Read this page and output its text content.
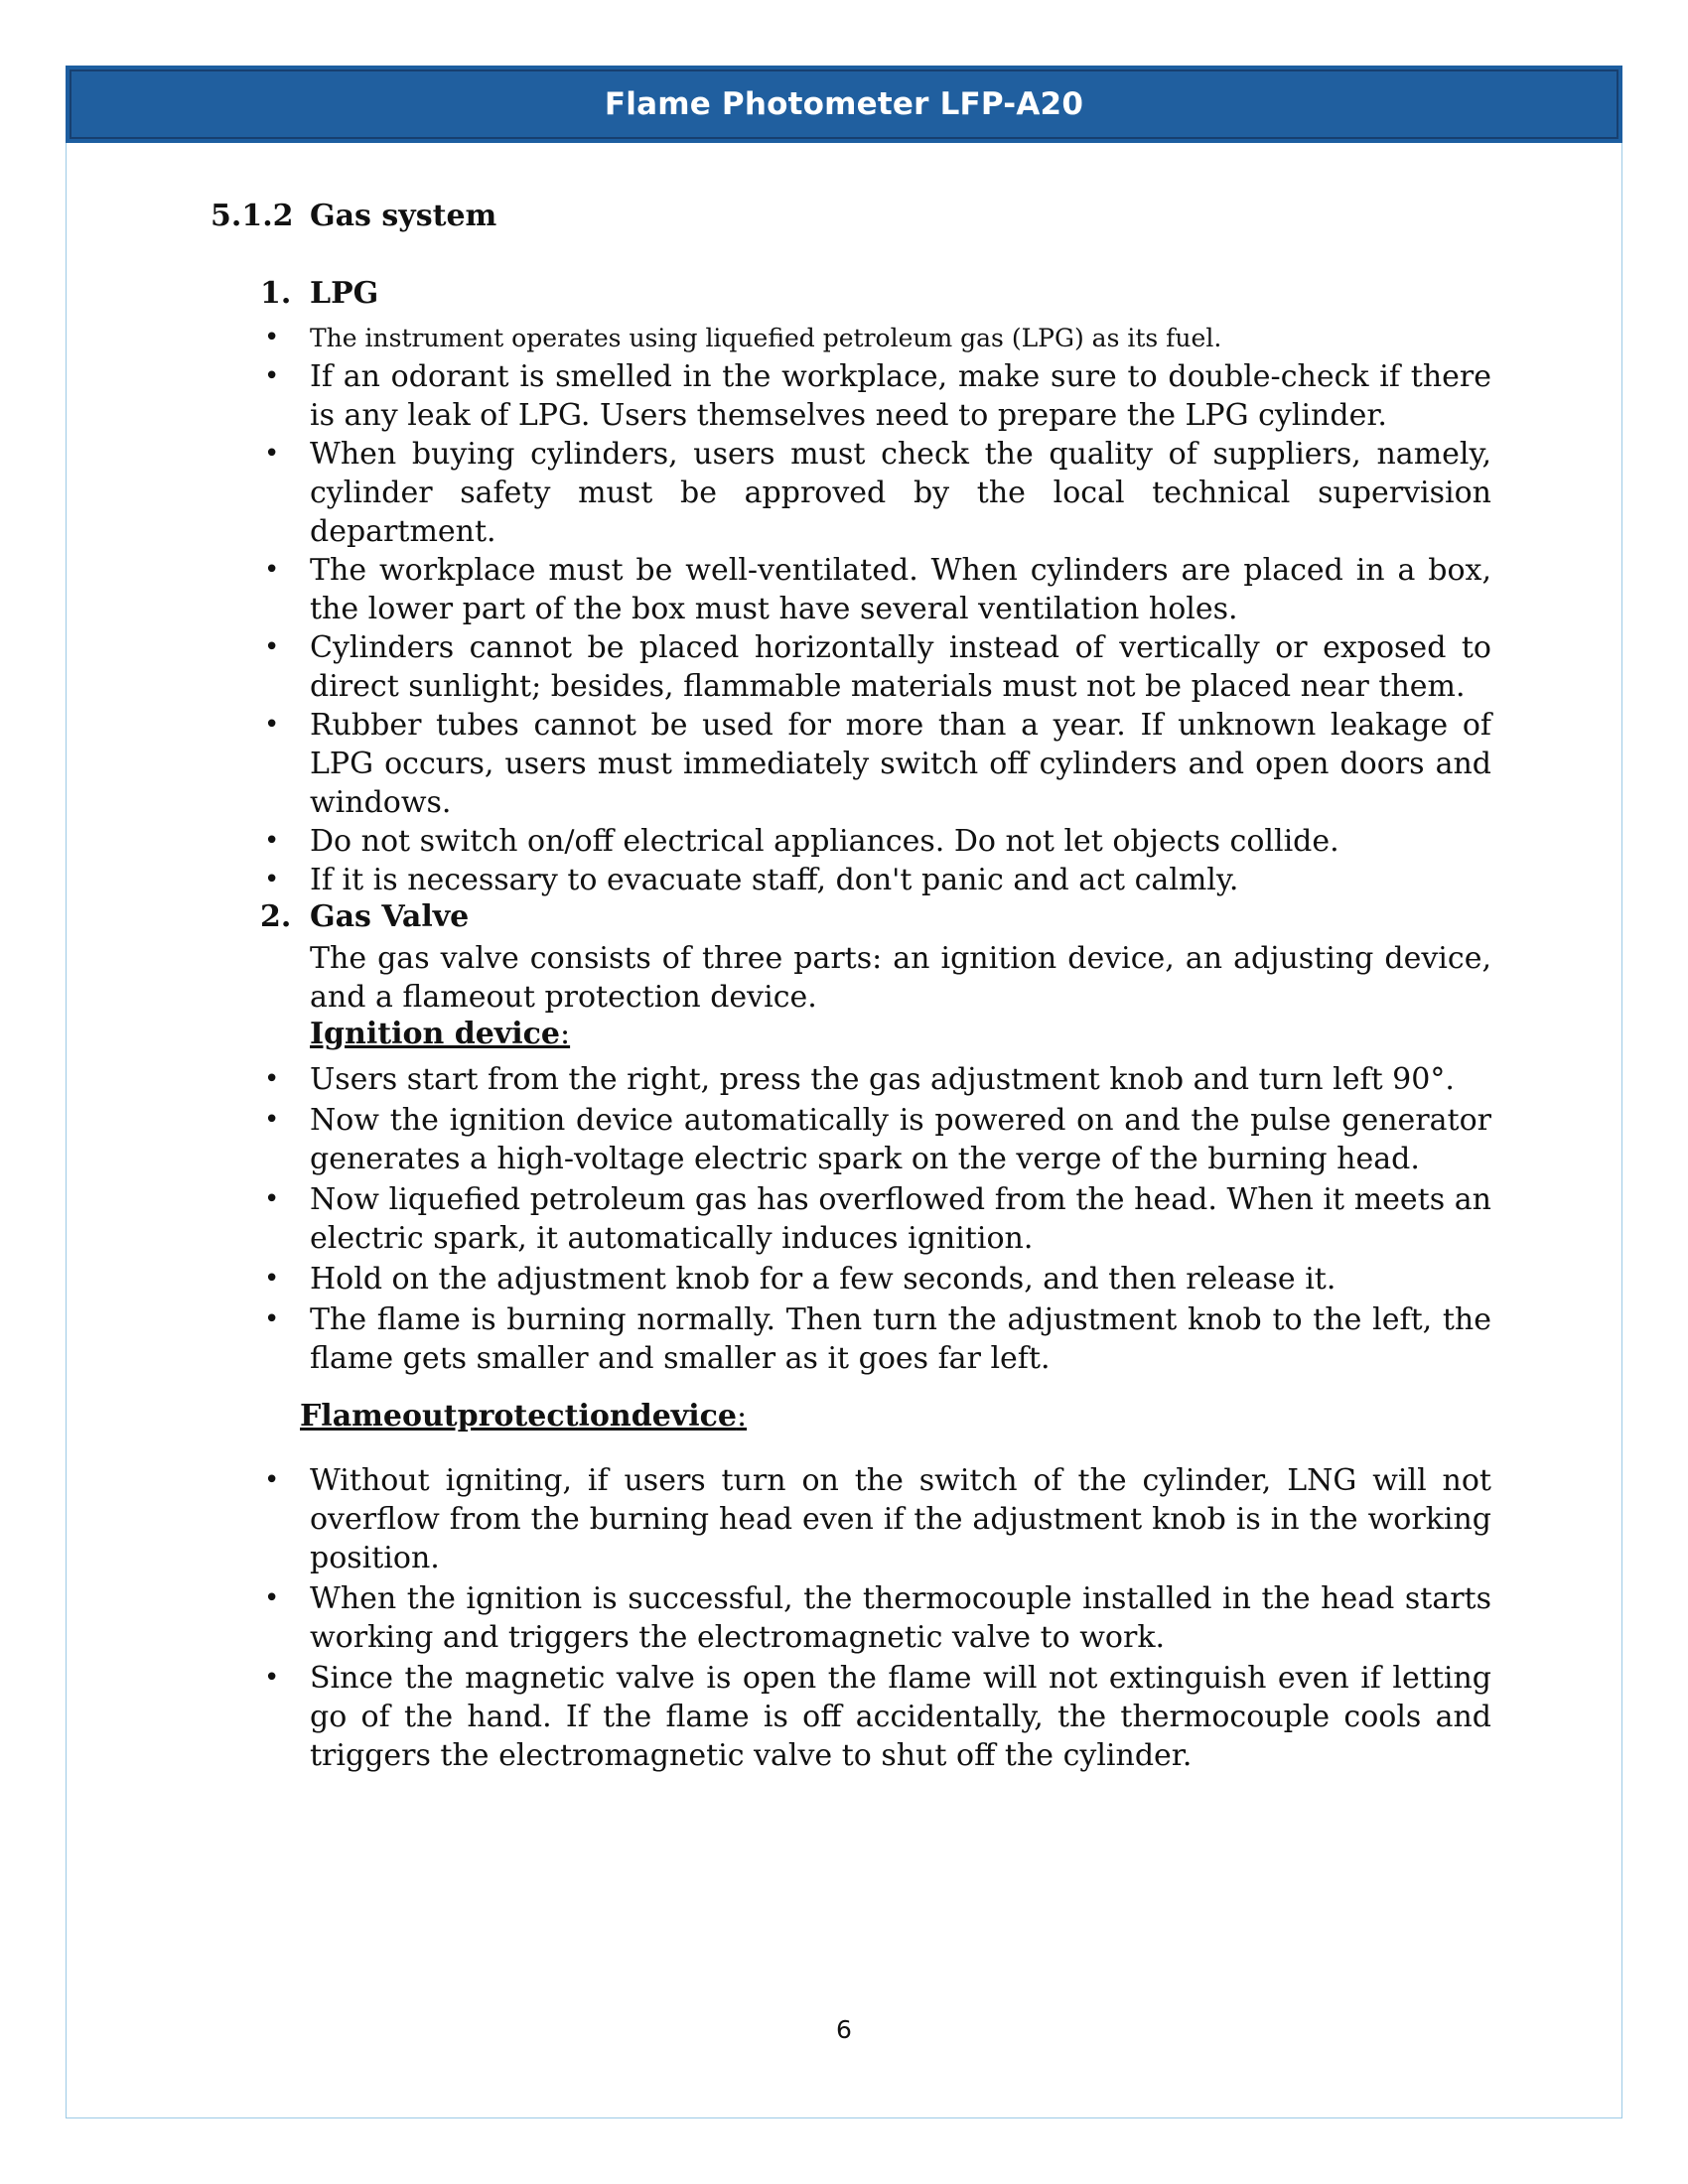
Flame Photometer LFP-A20
5.1.2 Gas system
1. LPG
• The instrument operates using liquefied petroleum gas (LPG) as its fuel.
• If an odorant is smelled in the workplace, make sure to double-check if there is any leak of LPG. Users themselves need to prepare the LPG cylinder.
• When buying cylinders, users must check the quality of suppliers, namely, cylinder safety must be approved by the local technical supervision department.
• The workplace must be well-ventilated. When cylinders are placed in a box, the lower part of the box must have several ventilation holes.
• Cylinders cannot be placed horizontally instead of vertically or exposed to direct sunlight; besides, flammable materials must not be placed near them.
• Rubber tubes cannot be used for more than a year. If unknown leakage of LPG occurs, users must immediately switch off cylinders and open doors and windows.
• Do not switch on/off electrical appliances. Do not let objects collide.
• If it is necessary to evacuate staff, don't panic and act calmly.
2. Gas Valve

The gas valve consists of three parts: an ignition device, an adjusting device, and a flameout protection device.

Ignition device:
• Users start from the right, press the gas adjustment knob and turn left 90°.
• Now the ignition device automatically is powered on and the pulse generator generates a high-voltage electric spark on the verge of the burning head.
• Now liquefied petroleum gas has overflowed from the head. When it meets an electric spark, it automatically induces ignition.
• Hold on the adjustment knob for a few seconds, and then release it.
• The flame is burning normally. Then turn the adjustment knob to the left, the flame gets smaller and smaller as it goes far left.
Flameoutprotectiondevice:
• Without igniting, if users turn on the switch of the cylinder, LNG will not overflow from the burning head even if the adjustment knob is in the working position.
• When the ignition is successful, the thermocouple installed in the head starts working and triggers the electromagnetic valve to work.
• Since the magnetic valve is open the flame will not extinguish even if letting go of the hand. If the flame is off accidentally, the thermocouple cools and triggers the electromagnetic valve to shut off the cylinder.
6
